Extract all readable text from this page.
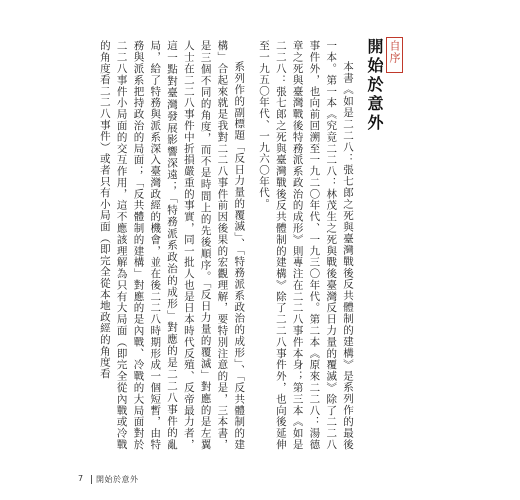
自序
開始於意外

本書《如是二二八：張七郎之死與臺灣戰後反共體制的建構》是系列作的最後一本。第一本《究竟二二八：林茂生之死與戰後臺灣反日力量的覆滅》除了二二八事件外，也向前回溯至一九二〇年代、一九三〇年代。第二本《原來二二八：湯德章之死與臺灣戰後特務派系政治的成形》則專注在二二八事件本身；第三本《如是二二八：張七郎之死與臺灣戰後反共體制的建構》除了二二八事件外，也向後延伸至一九五〇年代、一九六〇年代。

系列作的副標題「反日力量的覆滅」、「特務派系政治的成形」、「反共體制的建構」合起來就是我對二二八事件前因後果的宏觀理解，要特別注意的是，三本書，是三個不同的角度，而不是時間上的先後順序。「反日力量的覆滅」對應的是左翼人士在二二八事件中折損嚴重的事實，同一批人也是日本時代反殖、反帝最力者，這一點對臺灣發展影響深遠；「特務派系政治的成形」對應的是二二八事件的亂局，給了特務與派系深入臺灣政經的機會，並在後二二八時期形成一個短暫，由特務與派系把持政治的局面；「反共體制的建構」對應的是內戰、冷戰的大局面對於二二八事件小局面的交互作用，這不應該理解為只有大局面（即完全從內戰或冷戰的角度看二二八事件）或者只有小局面（即完全從本地政經的角度看

7 開始於意外
